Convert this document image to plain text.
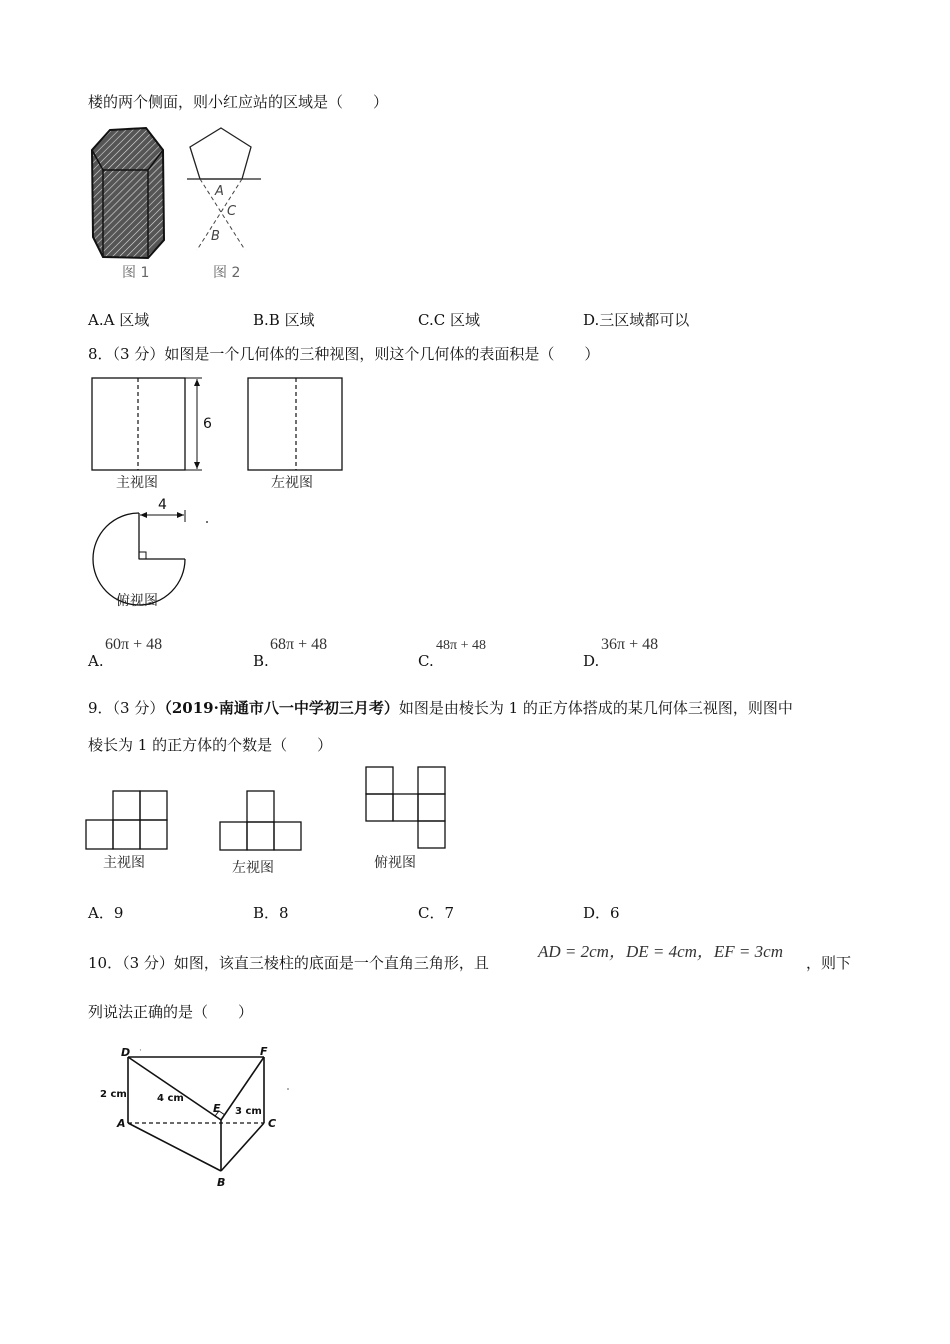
楼的两个侧面，则小红应站的区域是（　　）
图 1
A
C
B
图 2
A.A 区域	B.B 区域	C.C 区域	D.三区域都可以
8．（3 分）如图是一个几何体的三种视图，则这个几何体的表面积是（　　）
6
主视图	左视图
4
俯视图
A.
60π + 48
B.
68π + 48
C.
48π + 48
D.
36π + 48
9．（3 分）（2019·南通市八一中学初三月考）如图是由棱长为 1 的正方体搭成的某几何体三视图，则图中
棱长为 1 的正方体的个数是（　　）
主视图	左视图	俯视图
A．9	B．8	C．7	D．6
10．（3 分）如图，该直三棱柱的底面是一个直角三角形，且
AD = 2cm，DE = 4cm，EF = 3cm
，则下
列说法正确的是（　　）
D ·	F
E
A	C
B
2 cm	4 cm
3 cm
